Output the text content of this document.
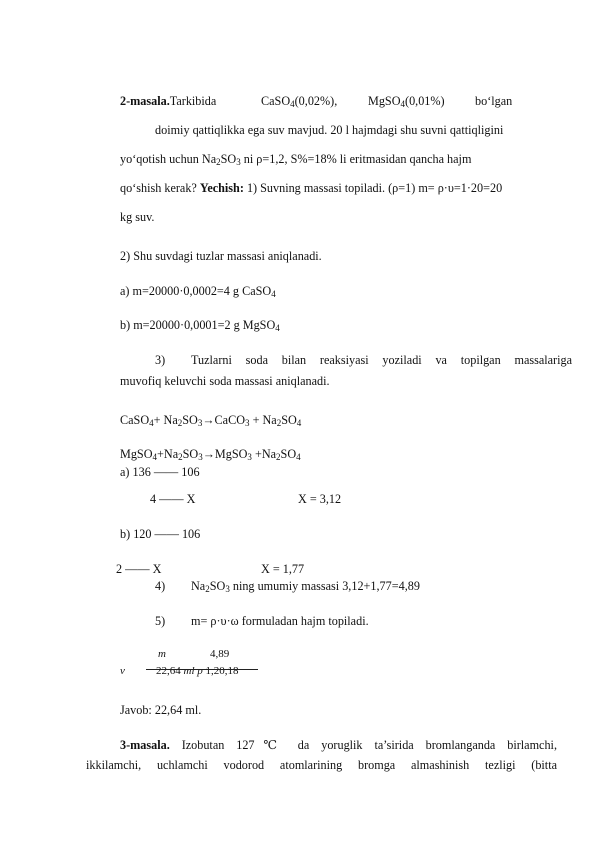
2-masala.Tarkibida	CaSO$_4$(0,02%),	MgSO$_4$(0,01%) bo‘lgan
doimiy qattiqlikka ega suv mavjud. 20 l hajmdagi shu suvni qattiqligini
yo‘qotish uchun $Na_2SO_3$ ni ρ=1,2, S%=18% li eritmasidan qancha hajm
qo‘shish kerak? Yechish: 1) Suvning massasi topiladi. (ρ=1) m= ρ·υ=1·20=20
kg suv.
2) Shu suvdagi tuzlar massasi aniqlanadi.
a) m=20000·0,0002=4 g CaSO$_4$
b) m=20000·0,0001=2 g MgSO$_4$
3) Tuzlarni soda bilan reaksiyasi yoziladi va topilgan massalariga
muvofiq keluvchi soda massasi aniqlanadi.
CaSO$_4$+ $Na_2SO_3\to CaCO_3 + Na_2SO_4$
$MgSO_4+Na_2SO_3\to MgSO_3 +Na_2SO_4$
a) 136 —— 106
4 —— X	X = 3,12
b) 120 —— 106
2 —— X	X = 1,77
4) $Na_2SO_3$ ning umumiy massasi 3,12+1,77=4,89
5) m= ρ·υ·ω formuladan hajm topiladi.
m	4,89
v	22,64 ml p 1,20,18
Javob: 22,64 ml.
3-masala. Izobutan 127℃ da yoruglik ta’sirida bromlanganda birlamchi,
ikkilamchi, uchlamchi vodorod atomlarining bromga almashinish tezligi (bitta
